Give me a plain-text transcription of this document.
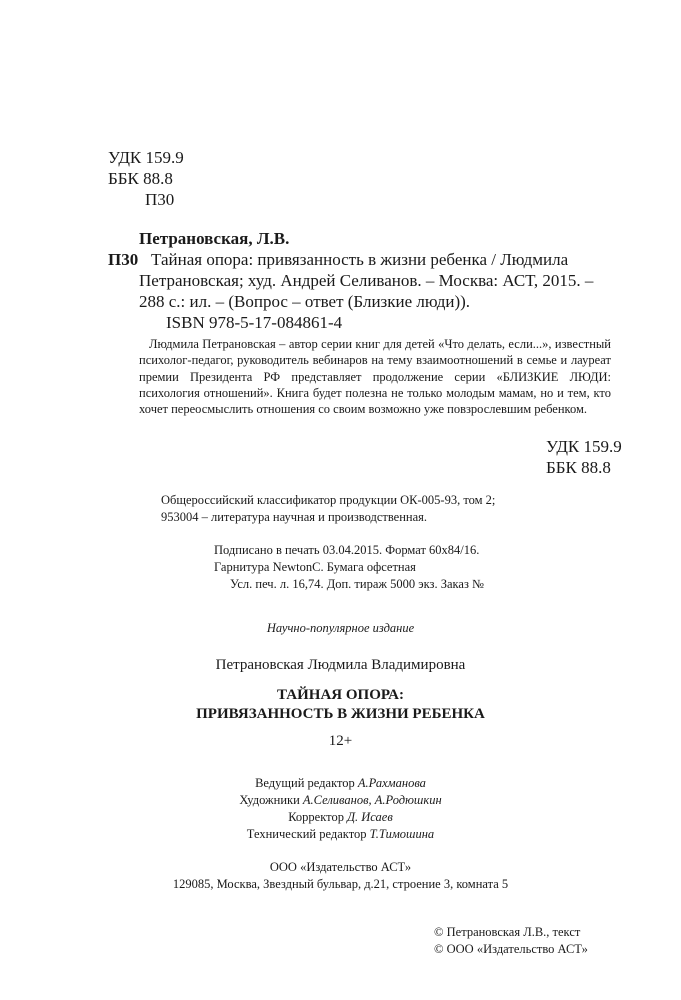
УДК 159.9
ББК 88.8
П30
Петрановская, Л.В.
П30 Тайная опора: привязанность в жизни ребенка / Людмила
Петрановская; худ. Андрей Селиванов. – Москва: АСТ, 2015. –
288 с.: ил. – (Вопрос – ответ (Близкие люди)).
ISBN 978-5-17-084861-4
Людмила Петрановская – автор серии книг для детей «Что делать, если...», известный психолог-педагог, руководитель вебинаров на тему взаимоотношений в семье и лауреат премии Президента РФ представляет продолжение серии «БЛИЗКИЕ ЛЮДИ: психология отношений». Книга будет полезна не только молодым мамам, но и тем, кто хочет переосмыслить отношения со своим возможно уже повзрослевшим ребенком.
УДК 159.9
ББК 88.8
Общероссийский классификатор продукции ОК-005-93, том 2;
953004 – литература научная и производственная.
Подписано в печать 03.04.2015. Формат 60х84/16.
Гарнитура NewtonC. Бумага офсетная
Усл. печ. л. 16,74. Доп. тираж 5000 экз. Заказ №
Научно-популярное издание
Петрановская Людмила Владимировна
ТАЙНАЯ ОПОРА:
ПРИВЯЗАННОСТЬ В ЖИЗНИ РЕБЕНКА
12+
Ведущий редактор А.Рахманова
Художники А.Селиванов, А.Родюшкин
Корректор Д. Исаев
Технический редактор Т.Тимошина
ООО «Издательство АСТ»
129085, Москва, Звездный бульвар, д.21, строение 3, комната 5
© Петрановская Л.В., текст
© ООО «Издательство АСТ»
